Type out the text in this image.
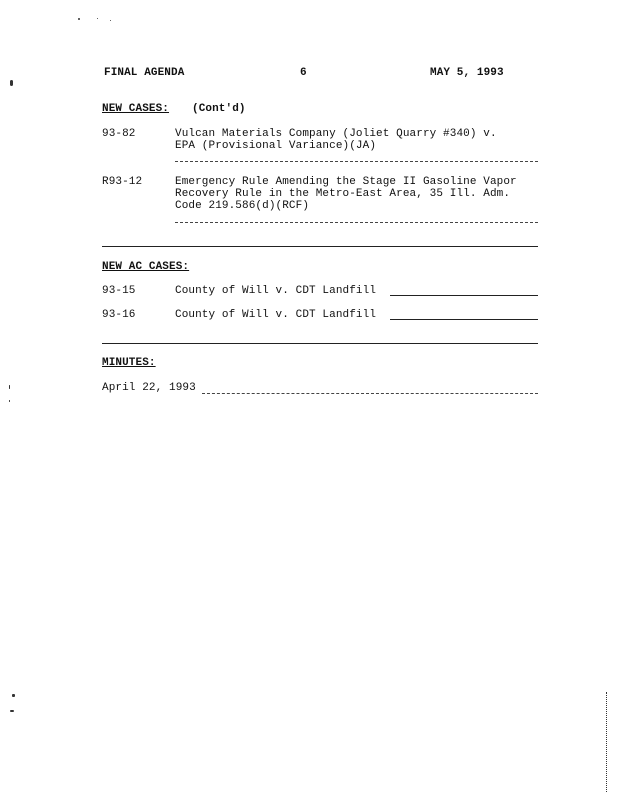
FINAL AGENDA	6	MAY 5, 1993
NEW CASES: (Cont'd)
93-82	Vulcan Materials Company (Joliet Quarry #340) v.
EPA (Provisional Variance)(JA)
R93-12	Emergency Rule Amending the Stage II Gasoline Vapor
Recovery Rule in the Metro-East Area, 35 Ill. Adm.
Code 219.586(d)(RCF)
NEW AC CASES:
93-15	County of Will v. CDT Landfill
93-16	County of Will v. CDT Landfill
MINUTES:
April 22, 1993
